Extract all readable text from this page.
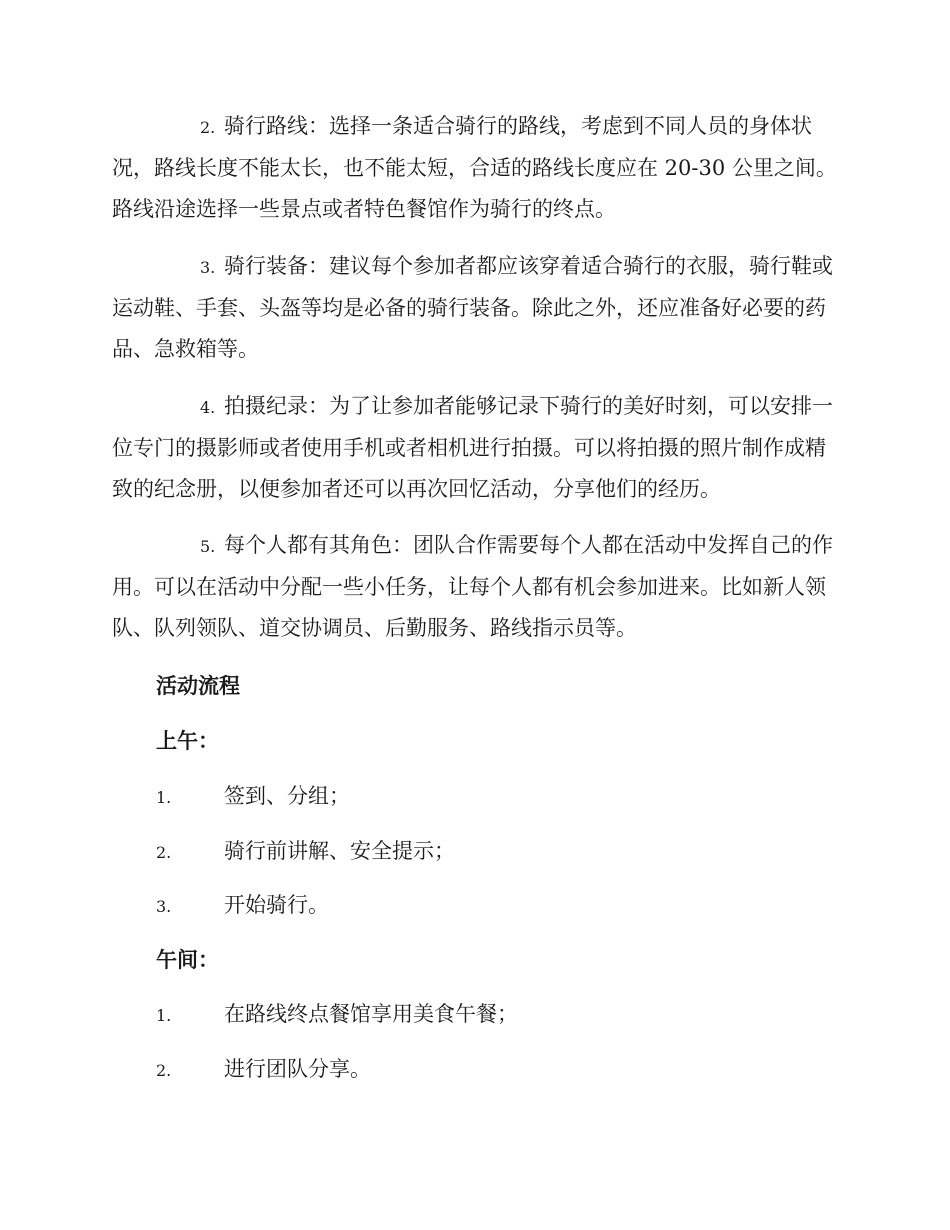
2. 骑行路线：选择一条适合骑行的路线，考虑到不同人员的身体状况，路线长度不能太长，也不能太短，合适的路线长度应在 20-30 公里之间。路线沿途选择一些景点或者特色餐馆作为骑行的终点。

3. 骑行装备：建议每个参加者都应该穿着适合骑行的衣服，骑行鞋或运动鞋、手套、头盔等均是必备的骑行装备。除此之外，还应准备好必要的药品、急救箱等。

4. 拍摄纪录：为了让参加者能够记录下骑行的美好时刻，可以安排一位专门的摄影师或者使用手机或者相机进行拍摄。可以将拍摄的照片制作成精致的纪念册，以便参加者还可以再次回忆活动，分享他们的经历。

5. 每个人都有其角色：团队合作需要每个人都在活动中发挥自己的作用。可以在活动中分配一些小任务，让每个人都有机会参加进来。比如新人领队、队列领队、道交协调员、后勤服务、路线指示员等。

活动流程

上午：

1.	签到、分组；

2.	骑行前讲解、安全提示；

3.	开始骑行。

午间：

1.	在路线终点餐馆享用美食午餐；

2.	进行团队分享。
